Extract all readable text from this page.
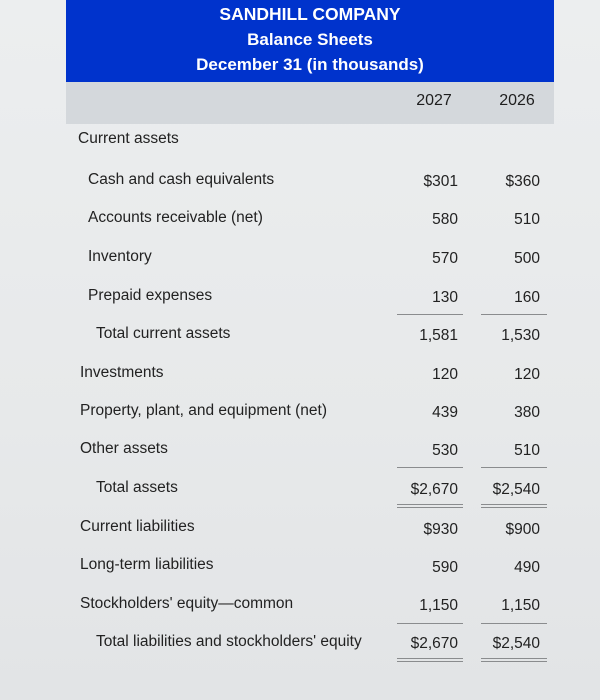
SANDHILL COMPANY
Balance Sheets
December 31 (in thousands)
2027	2026
Current assets
Cash and cash equivalents	$301	$360
Accounts receivable (net)	580	510
Inventory	570	500
Prepaid expenses	130	160
Total current assets	1,581	1,530
Investments	120	120
Property, plant, and equipment (net)	439	380
Other assets	530	510
Total assets	$2,670 $2,540
Current liabilities	$930	$900
Long-term liabilities	590	490
Stockholders' equity—common	1,150	1,150
Total liabilities and stockholders' equity	$2,670 $2,540
